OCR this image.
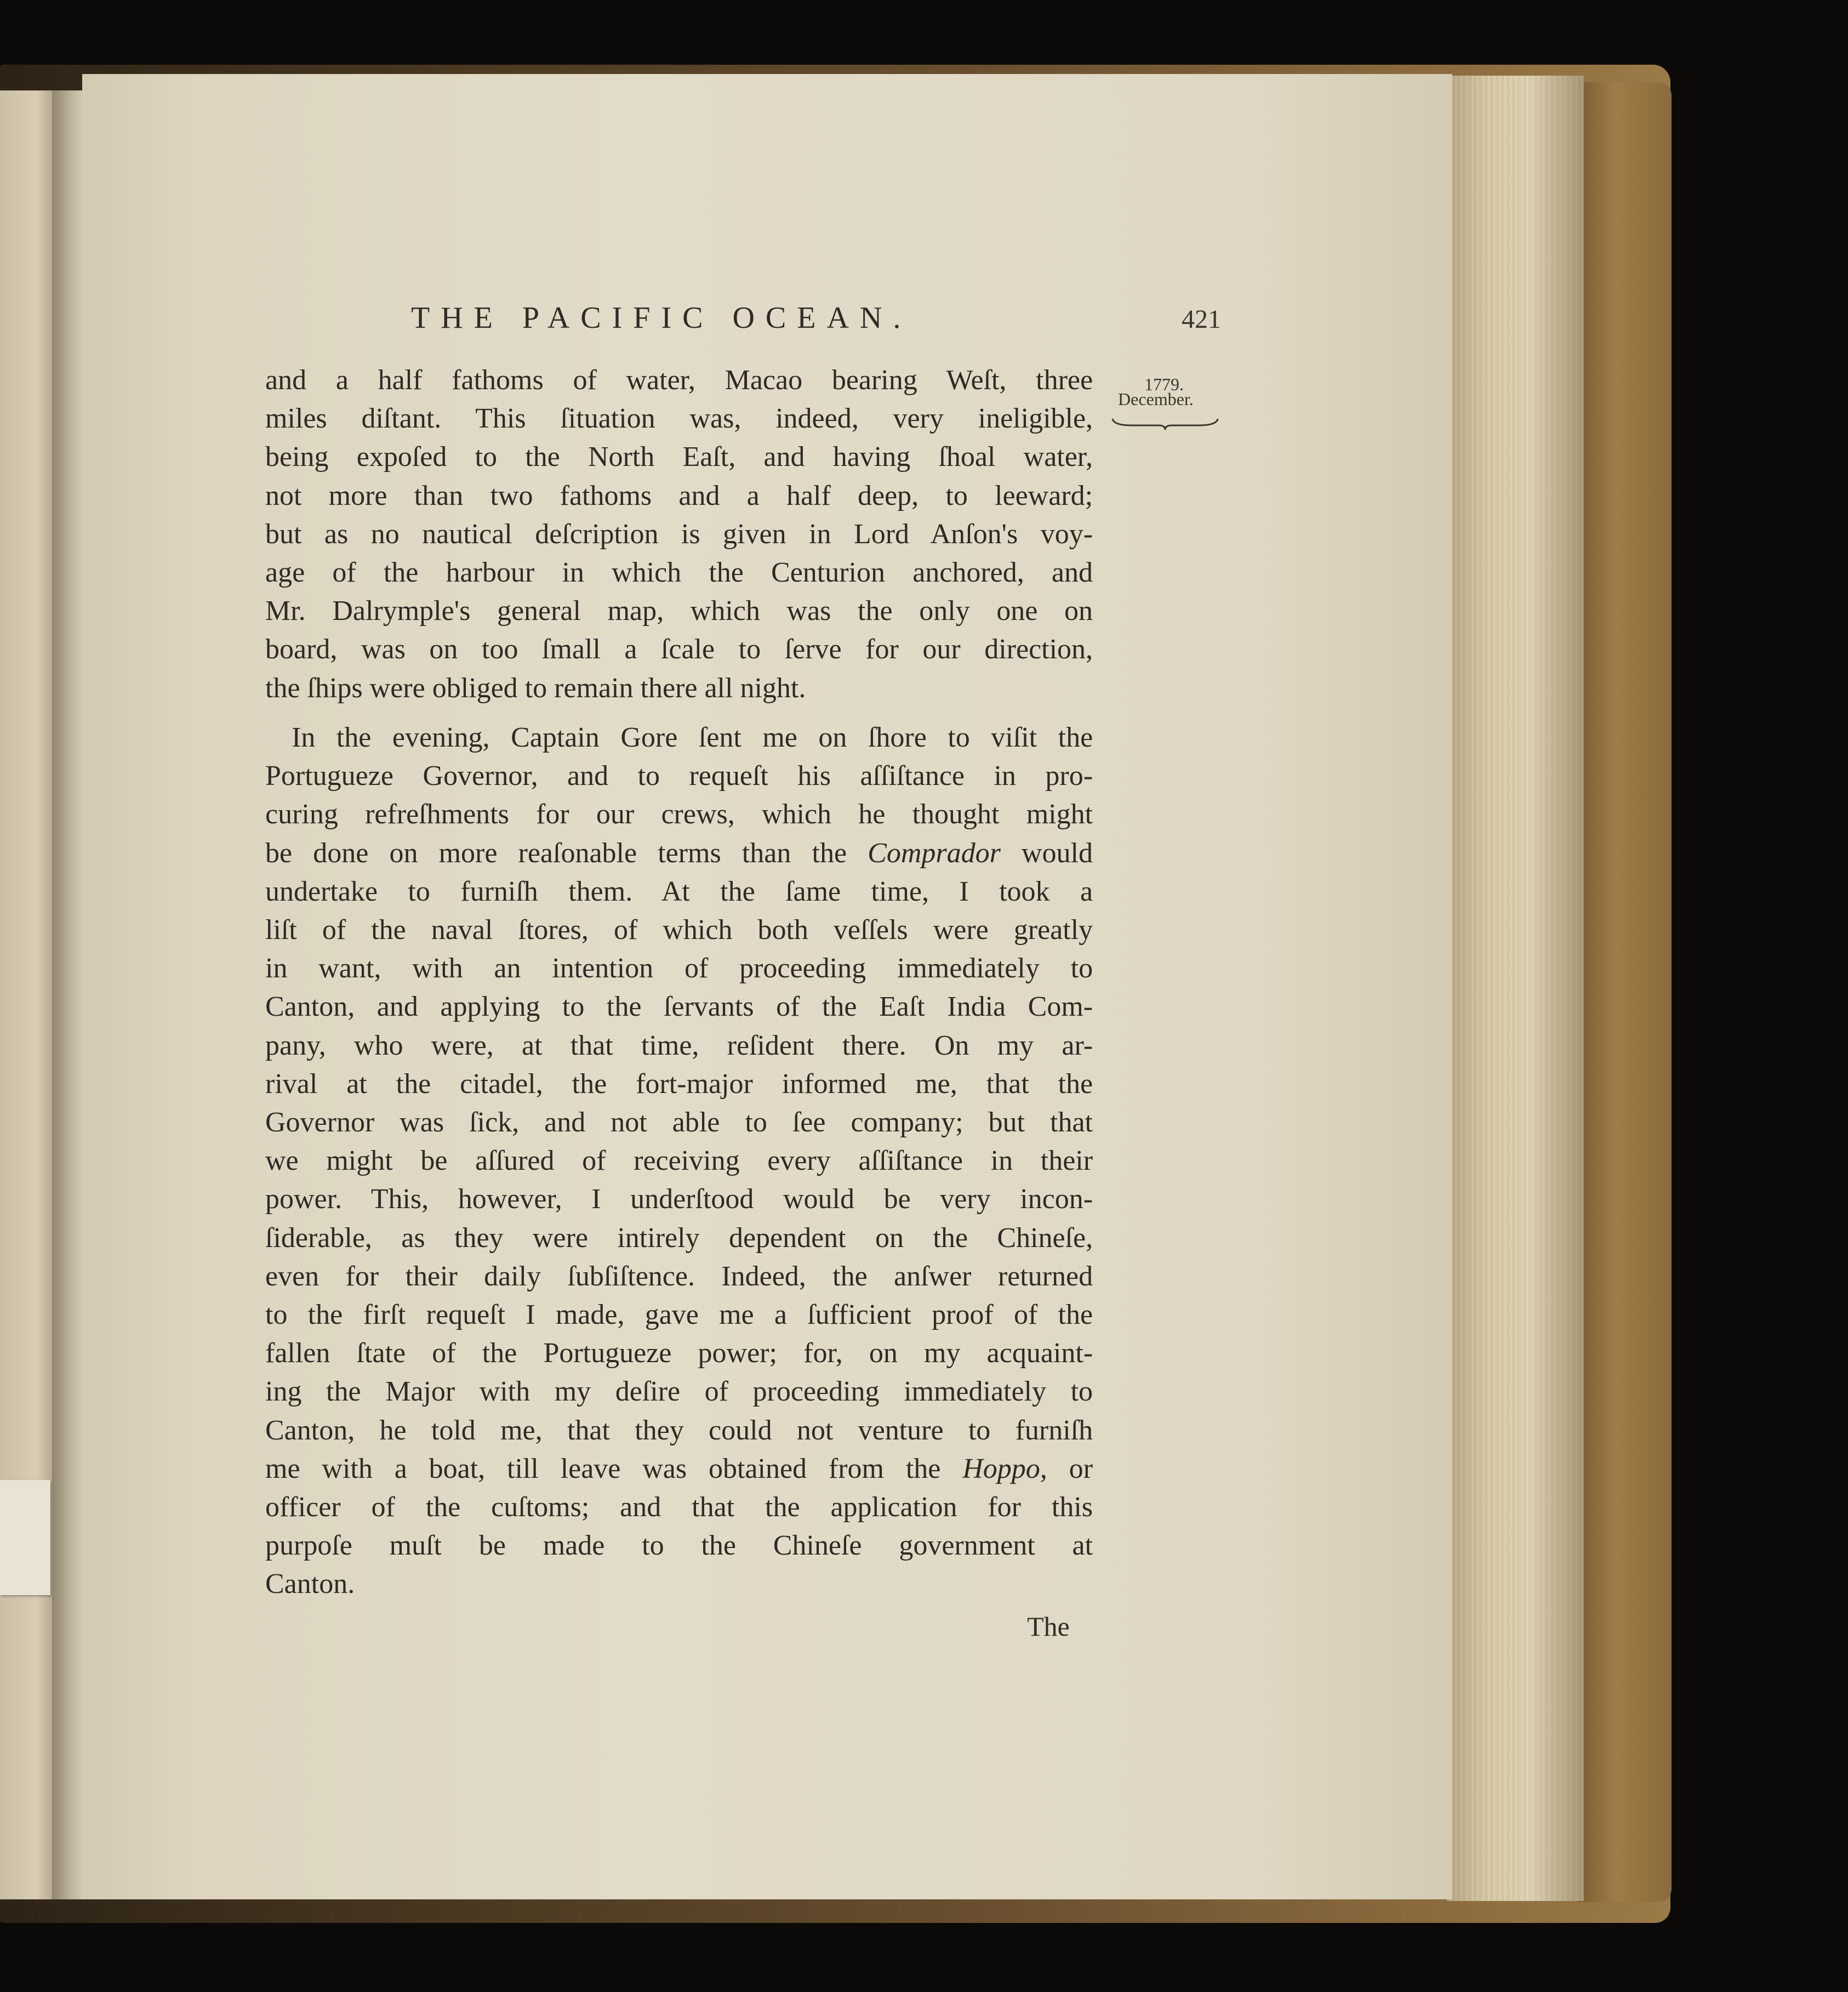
THE PACIFIC OCEAN.	421
1779.
December.
and a half fathoms of water, Macao bearing Weſt, three
miles diſtant. This ſituation was, indeed, very ineligible,
being expoſed to the North Eaſt, and having ſhoal water,
not more than two fathoms and a half deep, to leeward;
but as no nautical deſcription is given in Lord Anſon's voy-
age of the harbour in which the Centurion anchored, and
Mr. Dalrymple's general map, which was the only one on
board, was on too ſmall a ſcale to ſerve for our direction,
the ſhips were obliged to remain there all night.
In the evening, Captain Gore ſent me on ſhore to viſit the
Portugueze Governor, and to requeſt his aſſiſtance in pro-
curing refreſhments for our crews, which he thought might
be done on more reaſonable terms than the Comprador would
undertake to furniſh them. At the ſame time, I took a
liſt of the naval ſtores, of which both veſſels were greatly
in want, with an intention of proceeding immediately to
Canton, and applying to the ſervants of the Eaſt India Com-
pany, who were, at that time, reſident there. On my ar-
rival at the citadel, the fort-major informed me, that the
Governor was ſick, and not able to ſee company; but that
we might be aſſured of receiving every aſſiſtance in their
power. This, however, I underſtood would be very incon-
ſiderable, as they were intirely dependent on the Chineſe,
even for their daily ſubſiſtence. Indeed, the anſwer returned
to the firſt requeſt I made, gave me a ſufficient proof of the
fallen ſtate of the Portugueze power; for, on my acquaint-
ing the Major with my deſire of proceeding immediately to
Canton, he told me, that they could not venture to furniſh
me with a boat, till leave was obtained from the Hoppo, or
officer of the cuſtoms; and that the application for this
purpoſe muſt be made to the Chineſe government at
Canton.
The
